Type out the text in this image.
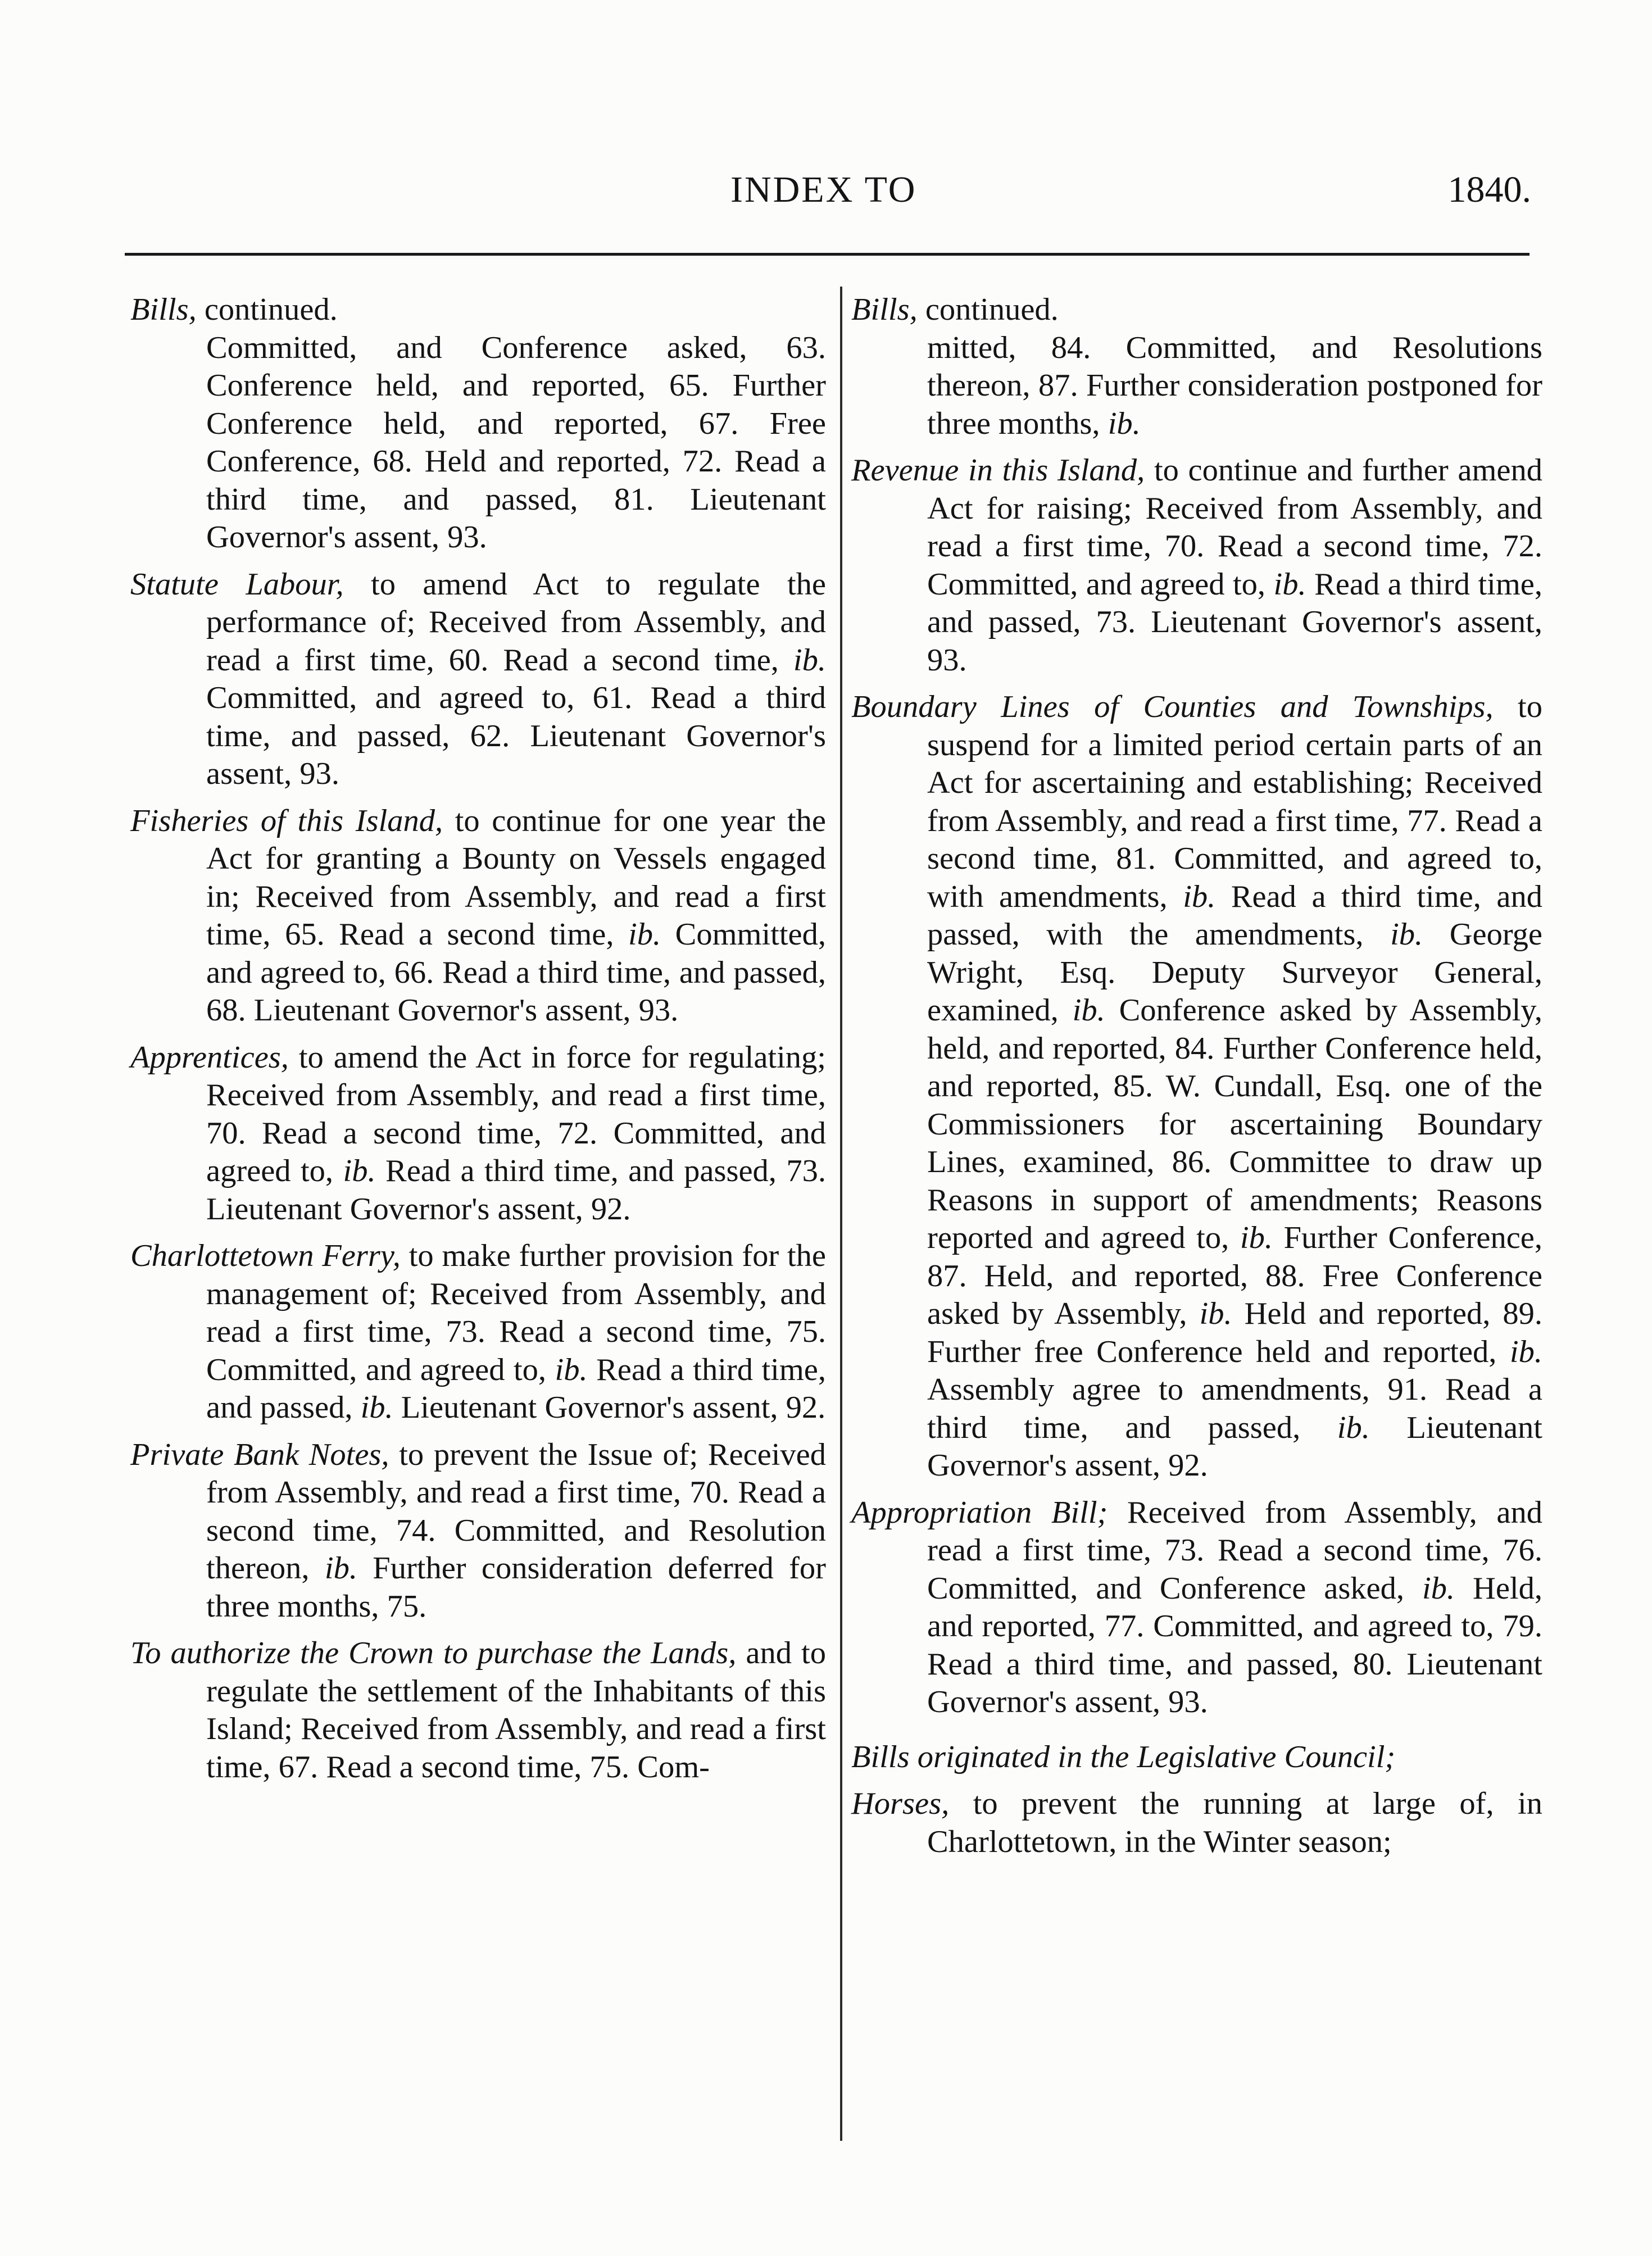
INDEX TO	1840.

Bills, continued.

Committed, and Conference asked, 63. Conference held, and reported, 65. Further Conference held, and reported, 67. Free Conference, 68. Held and reported, 72. Read a third time, and passed, 81. Lieutenant Governor's assent, 93.

Statute Labour, to amend Act to regulate the performance of; Received from Assembly, and read a first time, 60. Read a second time, ib. Committed, and agreed to, 61. Read a third time, and passed, 62. Lieutenant Governor's assent, 93.

Fisheries of this Island, to continue for one year the Act for granting a Bounty on Vessels engaged in; Received from Assembly, and read a first time, 65. Read a second time, ib. Committed, and agreed to, 66. Read a third time, and passed, 68. Lieutenant Governor's assent, 93.

Apprentices, to amend the Act in force for regulating; Received from Assembly, and read a first time, 70. Read a second time, 72. Committed, and agreed to, ib. Read a third time, and passed, 73. Lieutenant Governor's assent, 92.

Charlottetown Ferry, to make further provision for the management of; Received from Assembly, and read a first time, 73. Read a second time, 75. Committed, and agreed to, ib. Read a third time, and passed, ib. Lieutenant Governor's assent, 92.

Private Bank Notes, to prevent the Issue of; Received from Assembly, and read a first time, 70. Read a second time, 74. Committed, and Resolution thereon, ib. Further consideration deferred for three months, 75.

To authorize the Crown to purchase the Lands, and to regulate the settlement of the Inhabitants of this Island; Received from Assembly, and read a first time, 67. Read a second time, 75. Com-

Bills, continued.

mitted, 84. Committed, and Resolutions thereon, 87. Further consideration postponed for three months, ib.

Revenue in this Island, to continue and further amend Act for raising; Received from Assembly, and read a first time, 70. Read a second time, 72. Committed, and agreed to, ib. Read a third time, and passed, 73. Lieutenant Governor's assent, 93.

Boundary Lines of Counties and Townships, to suspend for a limited period certain parts of an Act for ascertaining and establishing; Received from Assembly, and read a first time, 77. Read a second time, 81. Committed, and agreed to, with amendments, ib. Read a third time, and passed, with the amendments, ib. George Wright, Esq. Deputy Surveyor General, examined, ib. Conference asked by Assembly, held, and reported, 84. Further Conference held, and reported, 85. W. Cundall, Esq. one of the Commissioners for ascertaining Boundary Lines, examined, 86. Committee to draw up Reasons in support of amendments; Reasons reported and agreed to, ib. Further Conference, 87. Held, and reported, 88. Free Conference asked by Assembly, ib. Held and reported, 89. Further free Conference held and reported, ib. Assembly agree to amendments, 91. Read a third time, and passed, ib. Lieutenant Governor's assent, 92.

Appropriation Bill; Received from Assembly, and read a first time, 73. Read a second time, 76. Committed, and Conference asked, ib. Held, and reported, 77. Committed, and agreed to, 79. Read a third time, and passed, 80. Lieutenant Governor's assent, 93.

Bills originated in the Legislative Council;

Horses, to prevent the running at large of, in Charlottetown, in the Winter season;
